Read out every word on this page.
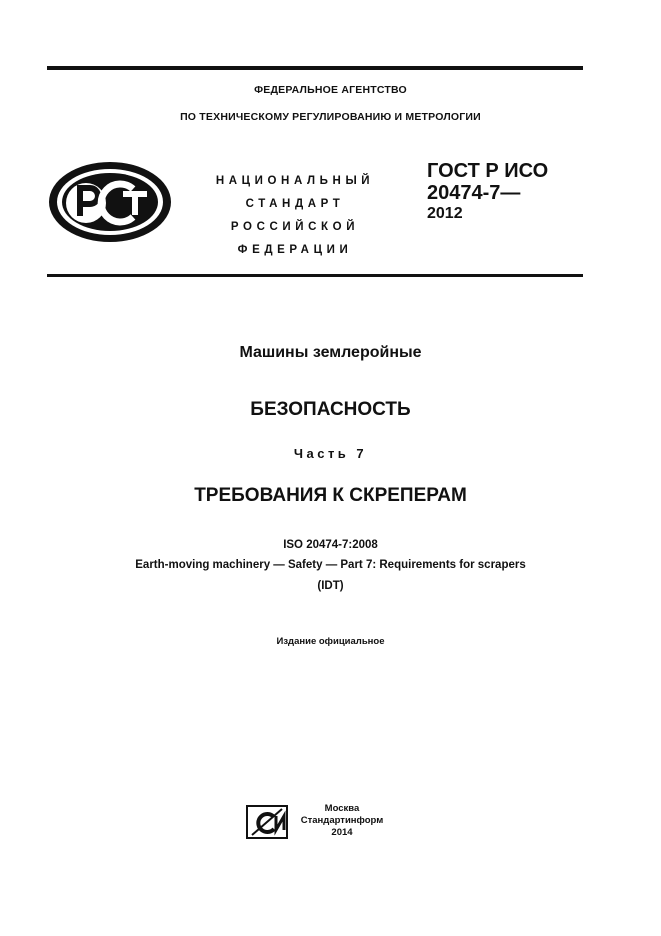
ФЕДЕРАЛЬНОЕ АГЕНТСТВО
ПО ТЕХНИЧЕСКОМУ РЕГУЛИРОВАНИЮ И МЕТРОЛОГИИ
НАЦИОНАЛЬНЫЙ
СТАНДАРТ
РОССИЙСКОЙ
ФЕДЕРАЦИИ
ГОСТ Р ИСО
20474-7—
2012
Машины землеройные
БЕЗОПАСНОСТЬ
Часть 7
ТРЕБОВАНИЯ К СКРЕПЕРАМ
ISO 20474-7:2008
Earth-moving machinery — Safety — Part 7: Requirements for scrapers
(IDT)
Издание официальное
Москва
Стандартинформ
2014
